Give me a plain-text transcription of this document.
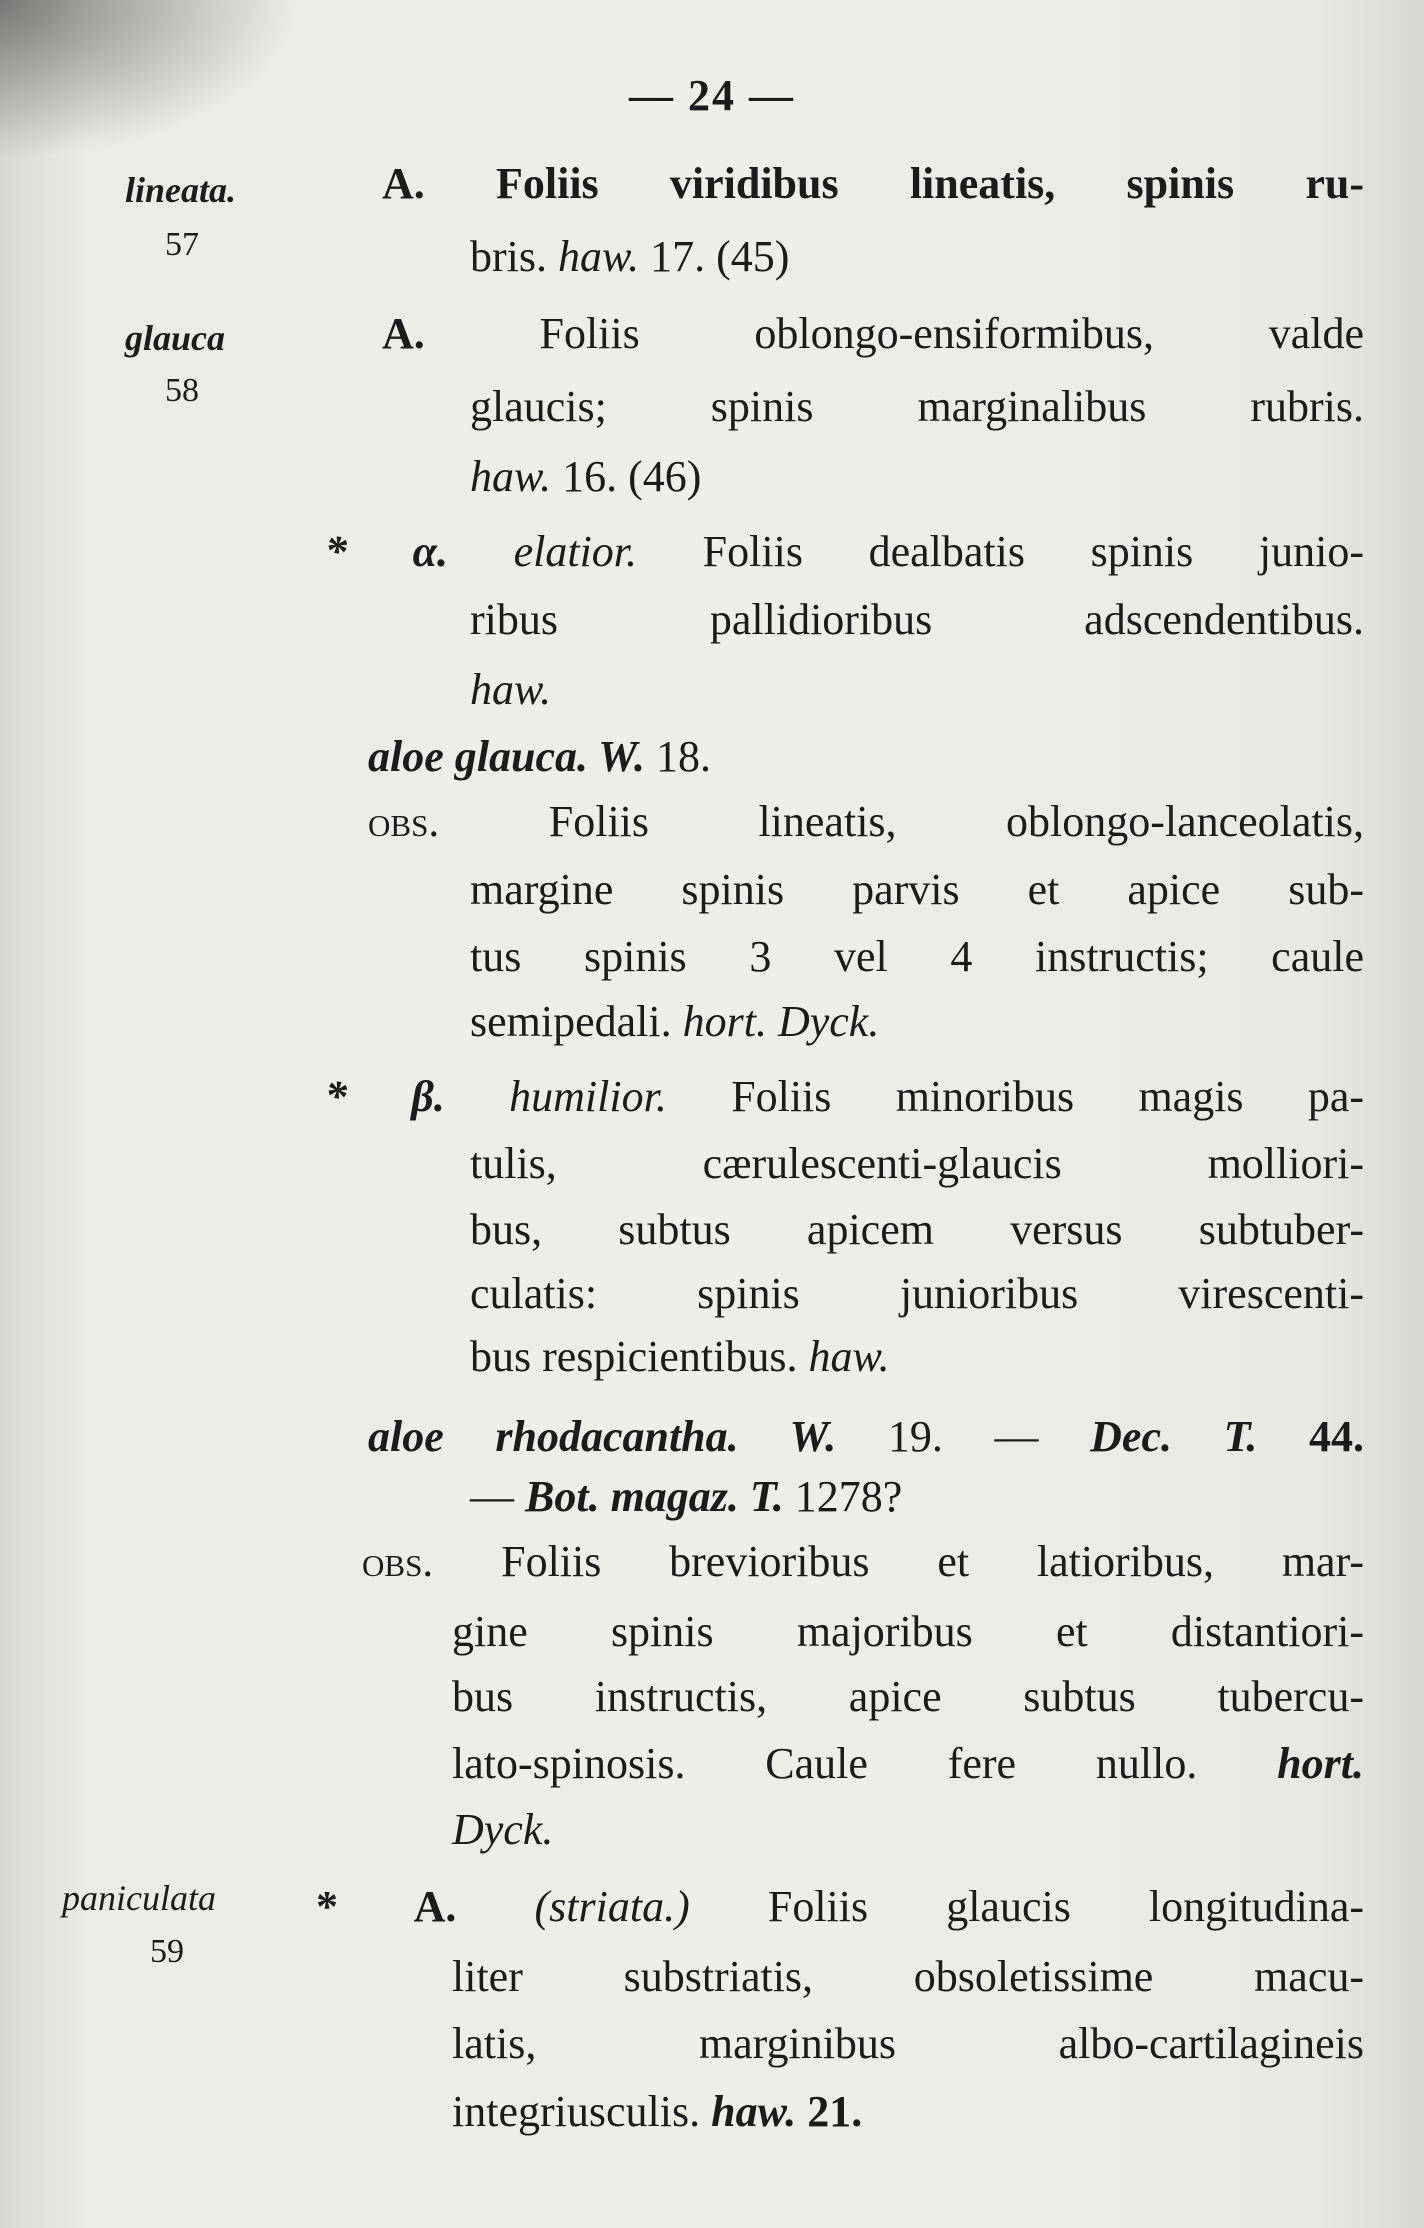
— 24 —
lineata.
57
glauca
58
paniculata
59
A. Foliis viridibus lineatis, spinis ru-
bris. haw. 17. (45)
A.	Foliis oblongo-ensiformibus, valde
glaucis; spinis marginalibus rubris.
haw. 16. (46)
* α. elatior. Foliis dealbatis spinis junio-
ribus pallidioribus adscendentibus.
haw.
aloe glauca. W. 18.
obs. Foliis lineatis, oblongo-lanceolatis,
margine spinis parvis et apice sub-
tus spinis 3 vel 4 instructis; caule
semipedali. hort. Dyck.
* β. humilior. Foliis minoribus magis pa-
tulis, cærulescenti-glaucis molliori-
bus, subtus apicem versus subtuber-
culatis: spinis junioribus virescenti-
bus respicientibus. haw.
aloe rhodacantha. W. 19. — Dec. T. 44.
— Bot. magaz. T. 1278?
obs. Foliis brevioribus et latioribus, mar-
gine spinis majoribus et distantiori-
bus instructis, apice subtus tubercu-
lato-spinosis. Caule fere nullo. hort.
Dyck.
* A. (striata.) Foliis glaucis longitudina-
liter substriatis, obsoletissime macu-
latis, marginibus albo-cartilagineis
integriusculis. haw. 21.
